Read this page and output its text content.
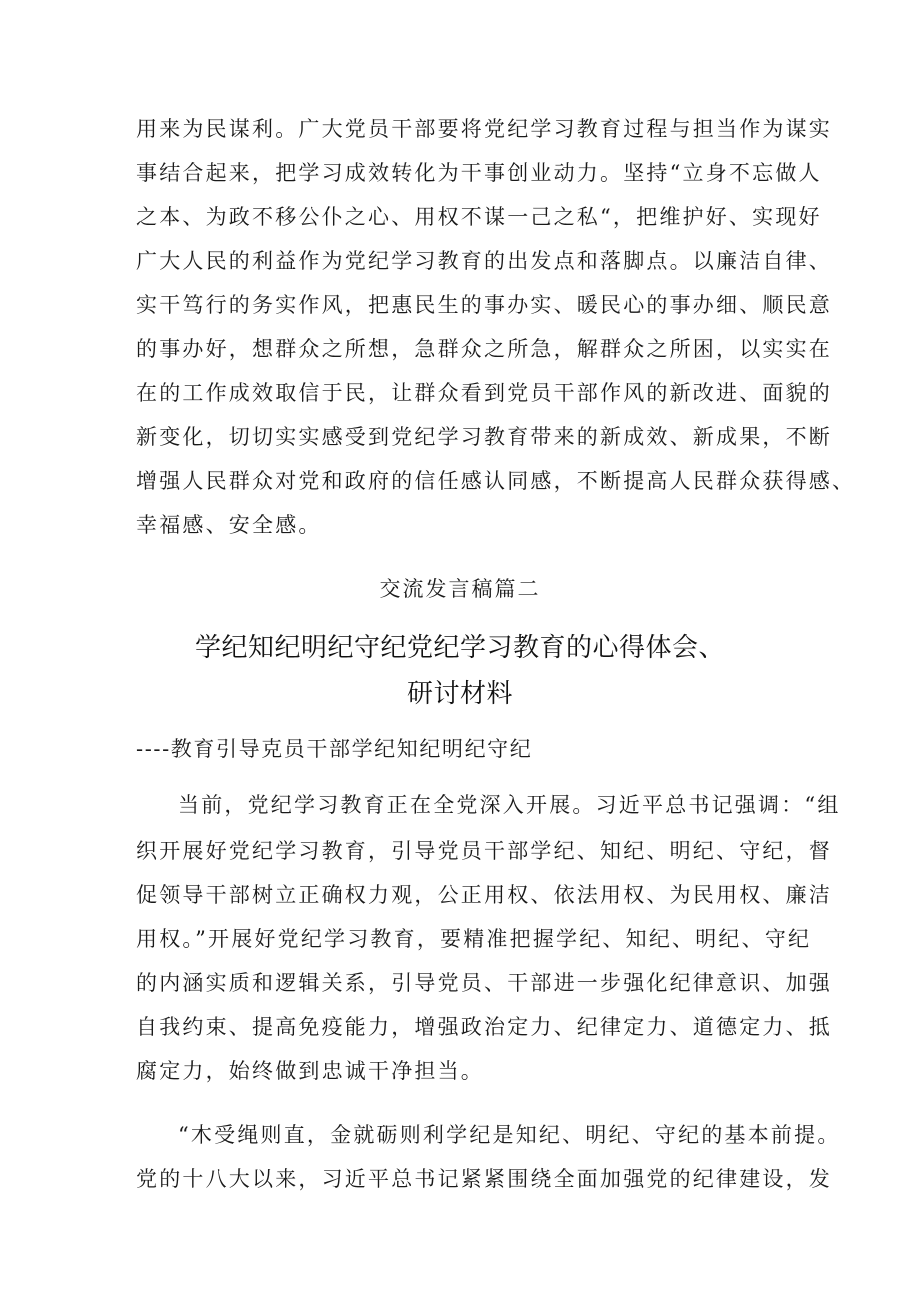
用来为民谋利。广大党员干部要将党纪学习教育过程与担当作为谋实
事结合起来，把学习成效转化为干事创业动力。坚持“立身不忘做人
之本、为政不移公仆之心、用权不谋一己之私“，把维护好、实现好
广大人民的利益作为党纪学习教育的出发点和落脚点。以廉洁自律、
实干笃行的务实作风，把惠民生的事办实、暖民心的事办细、顺民意
的事办好，想群众之所想，急群众之所急，解群众之所困，以实实在
在的工作成效取信于民，让群众看到党员干部作风的新改进、面貌的
新变化，切切实实感受到党纪学习教育带来的新成效、新成果，不断
增强人民群众对党和政府的信任感认同感，不断提高人民群众获得感、
幸福感、安全感。
交流发言稿篇二
学纪知纪明纪守纪党纪学习教育的心得体会、
研讨材料
----教育引导克员干部学纪知纪明纪守纪
当前，党纪学习教育正在全党深入开展。习近平总书记强调：“组
织开展好党纪学习教育，引导党员干部学纪、知纪、明纪、守纪，督
促领导干部树立正确权力观，公正用权、依法用权、为民用权、廉洁
用权。”开展好党纪学习教育，要精准把握学纪、知纪、明纪、守纪
的内涵实质和逻辑关系，引导党员、干部进一步强化纪律意识、加强
自我约束、提高免疫能力，增强政治定力、纪律定力、道德定力、抵
腐定力，始终做到忠诚干净担当。
“木受绳则直，金就砺则利学纪是知纪、明纪、守纪的基本前提。
党的十八大以来，习近平总书记紧紧围绕全面加强党的纪律建设，发
